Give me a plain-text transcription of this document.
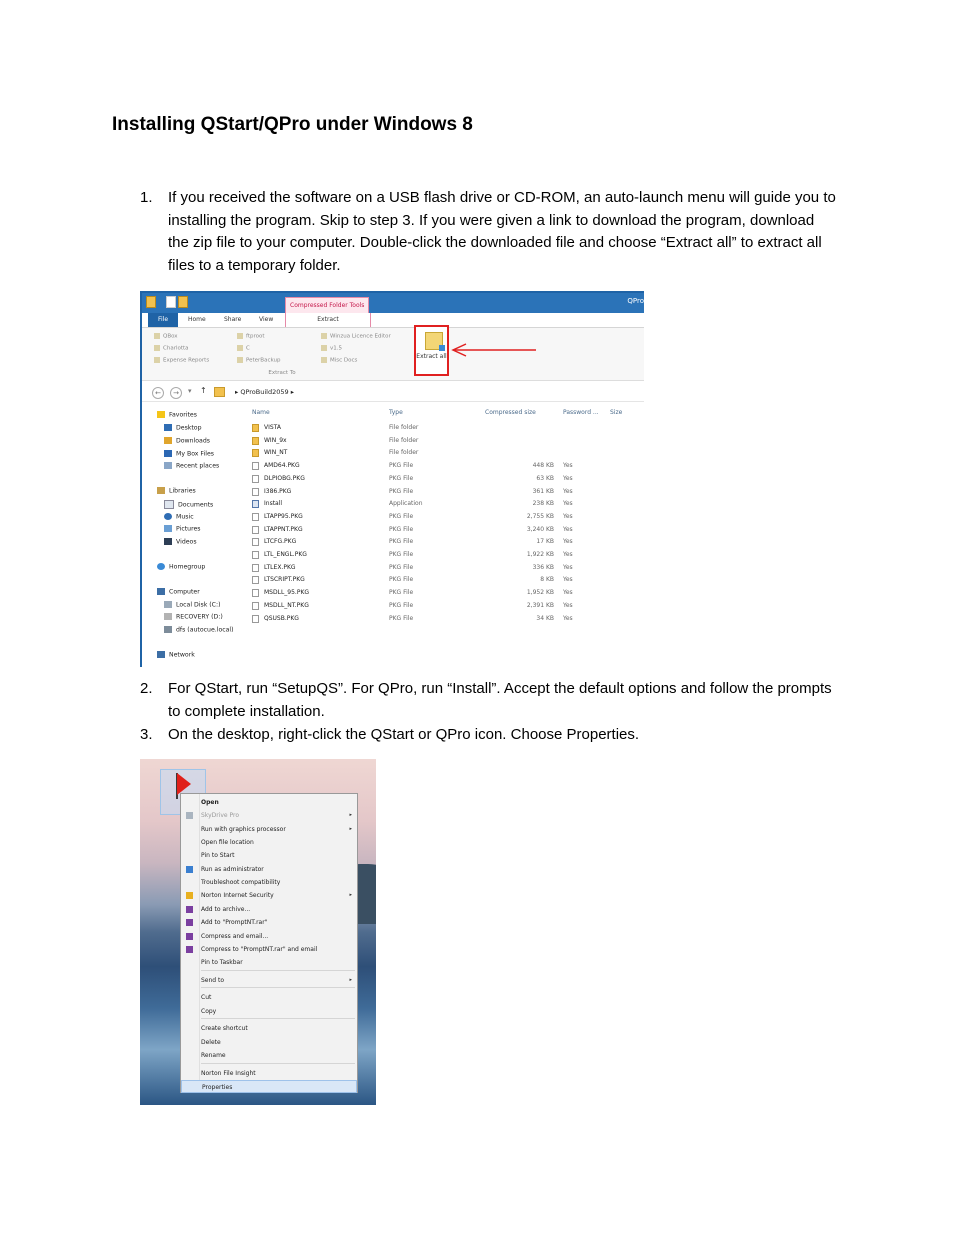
Installing QStart/QPro under Windows 8
1. If you received the software on a USB flash drive or CD-ROM, an auto-launch menu will guide you to installing the program. Skip to step 3. If you were given a link to download the program, download the zip file to your computer. Double-click the downloaded file and choose “Extract all” to extract all files to a temporary folder.
Compressed Folder Tools
QPro
File	Home	Share	View	Extract
QBox
Charlotta
Expense Reports
ftproot
C
PeterBackup
Winzua Licence Editor
v1.5
Misc Docs
Extract To
Extract all
←	→	▾ ↑	▸ QProBuild2059 ▸
Favorites
Desktop
Downloads
My Box Files
Recent places
Libraries
Documents
Music
Pictures
Videos
Homegroup
Computer
Local Disk (C:)
RECOVERY (D:)
dfs (autocue.local)
Network
Name	Type	Compressed size	Password ... Size
VISTA	File folder
WIN_9x	File folder
WIN_NT	File folder
AMD64.PKG	PKG File	448 KB Yes
DLPIOBG.PKG	PKG File	63 KB Yes
I386.PKG	PKG File	361 KB Yes
Install	Application	238 KB Yes
LTAPP95.PKG	PKG File	2,755 KB Yes
LTAPPNT.PKG	PKG File	3,240 KB Yes
LTCFG.PKG	PKG File	17 KB Yes
LTL_ENGL.PKG	PKG File	1,922 KB Yes
LTLEX.PKG	PKG File	336 KB Yes
LTSCRIPT.PKG	PKG File	8 KB Yes
MSDLL_95.PKG	PKG File	1,952 KB Yes
MSDLL_NT.PKG	PKG File	2,391 KB Yes
QSUSB.PKG	PKG File	34 KB Yes
2. For QStart, run “SetupQS”. For QPro, run “Install”. Accept the default options and follow the prompts to complete installation.
3. On the desktop, right-click the QStart or QPro icon. Choose Properties.
Open
SkyDrive Pro	▸
Run with graphics processor	▸
Open file location
Pin to Start
Run as administrator
Troubleshoot compatibility
Norton Internet Security	▸
Add to archive...
Add to "PromptNT.rar"
Compress and email...
Compress to "PromptNT.rar" and email
Pin to Taskbar
Send to	▸
Cut
Copy
Create shortcut
Delete
Rename
Norton File Insight
Properties
